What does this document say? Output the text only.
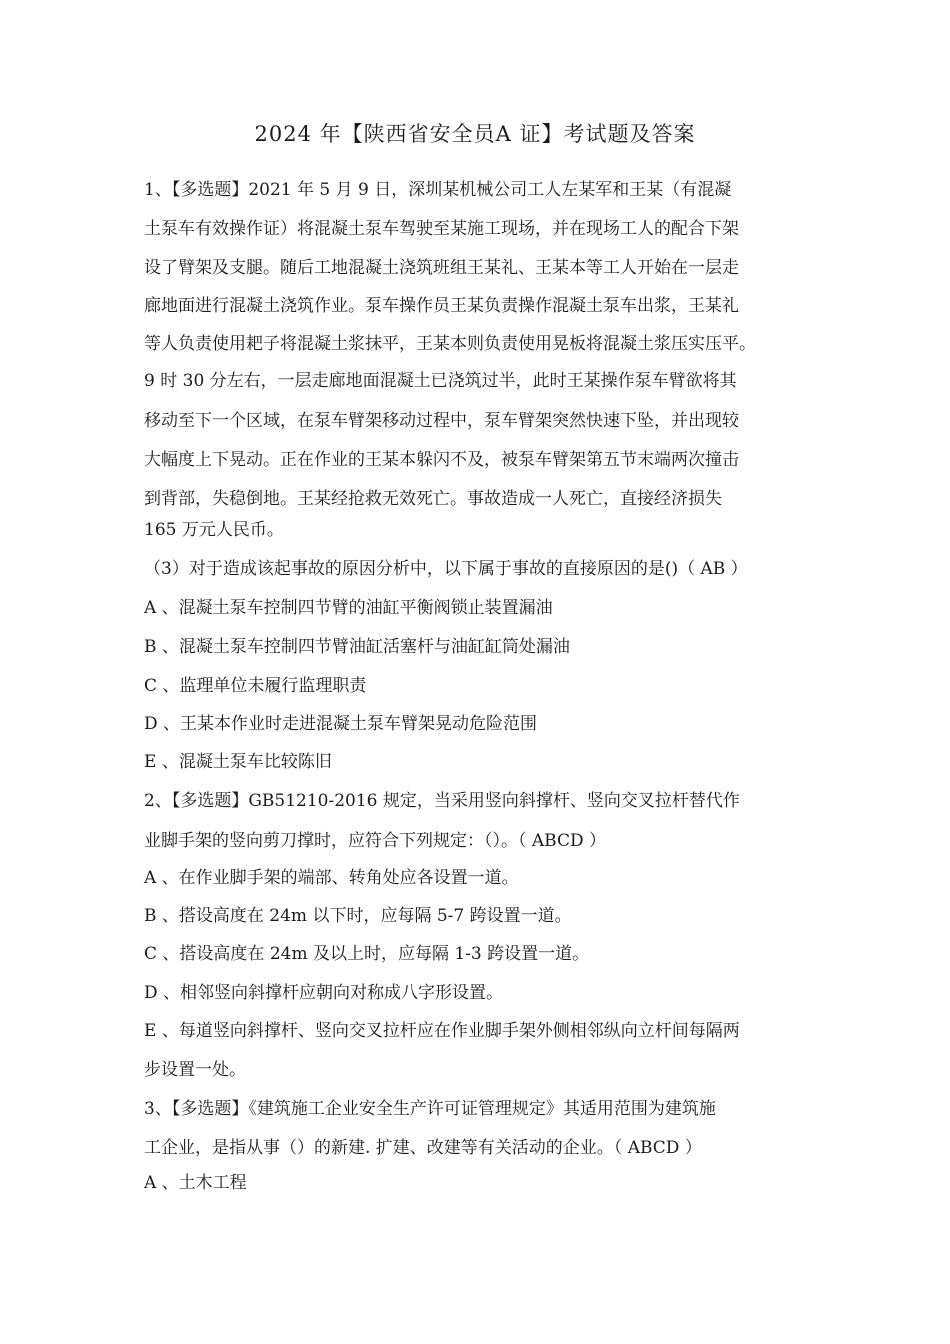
2024 年【陕西省安全员A 证】考试题及答案
1、【多选题】2021 年 5 月 9 日，深圳某机械公司工人左某军和王某（有混凝
土泵车有效操作证）将混凝土泵车驾驶至某施工现场，并在现场工人的配合下架
设了臂架及支腿。随后工地混凝土浇筑班组王某礼、王某本等工人开始在一层走
廊地面进行混凝土浇筑作业。泵车操作员王某负责操作混凝土泵车出浆，王某礼
等人负责使用耙子将混凝土浆抹平，王某本则负责使用晃板将混凝土浆压实压平。
9 时 30 分左右，一层走廊地面混凝土已浇筑过半，此时王某操作泵车臂欲将其
移动至下一个区域，在泵车臂架移动过程中，泵车臂架突然快速下坠，并出现较
大幅度上下晃动。正在作业的王某本躲闪不及，被泵车臂架第五节末端两次撞击
到背部，失稳倒地。王某经抢救无效死亡。事故造成一人死亡，直接经济损失
165 万元人民币。
（3）对于造成该起事故的原因分析中，以下属于事故的直接原因的是()（ AB ）
A 、混凝土泵车控制四节臂的油缸平衡阀锁止装置漏油
B 、混凝土泵车控制四节臂油缸活塞杆与油缸缸筒处漏油
C 、监理单位未履行监理职责
D 、王某本作业时走进混凝土泵车臂架晃动危险范围
E 、混凝土泵车比较陈旧
2、【多选题】GB51210-2016 规定，当采用竖向斜撑杆、竖向交叉拉杆替代作
业脚手架的竖向剪刀撑时，应符合下列规定：（）。（ ABCD ）
A 、在作业脚手架的端部、转角处应各设置一道。
B 、搭设高度在 24m 以下时，应每隔 5-7 跨设置一道。
C 、搭设高度在 24m 及以上时，应每隔 1-3 跨设置一道。
D 、相邻竖向斜撑杆应朝向对称成八字形设置。
E 、每道竖向斜撑杆、竖向交叉拉杆应在作业脚手架外侧相邻纵向立杆间每隔两
步设置一处。
3、【多选题】《建筑施工企业安全生产许可证管理规定》其适用范围为建筑施
工企业，是指从事（）的新建. 扩建、改建等有关活动的企业。（ ABCD ）
A 、土木工程
